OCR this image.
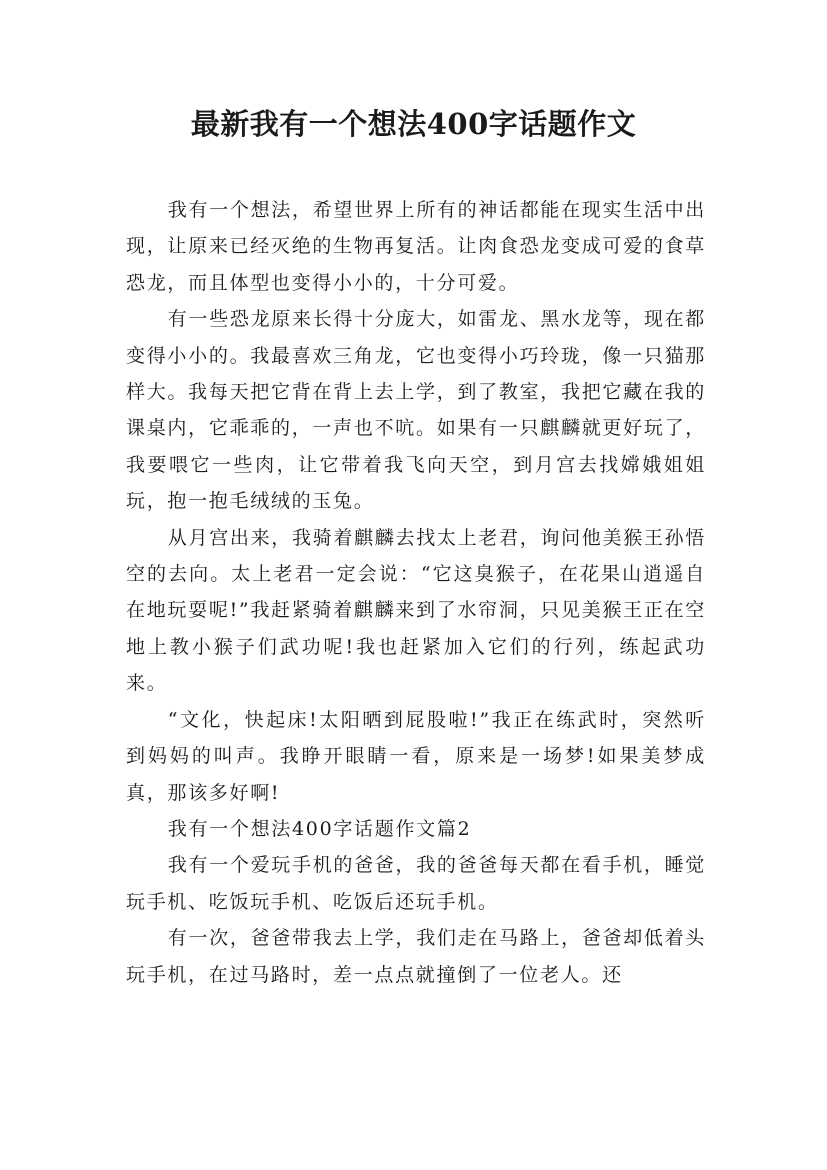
最新我有一个想法400字话题作文

我有一个想法，希望世界上所有的神话都能在现实生活中出现，让原来已经灭绝的生物再复活。让肉食恐龙变成可爱的食草恐龙，而且体型也变得小小的，十分可爱。

有一些恐龙原来长得十分庞大，如雷龙、黑水龙等，现在都变得小小的。我最喜欢三角龙，它也变得小巧玲珑，像一只猫那样大。我每天把它背在背上去上学，到了教室，我把它藏在我的课桌内，它乖乖的，一声也不吭。如果有一只麒麟就更好玩了，我要喂它一些肉，让它带着我飞向天空，到月宫去找嫦娥姐姐玩，抱一抱毛绒绒的玉兔。

从月宫出来，我骑着麒麟去找太上老君，询问他美猴王孙悟空的去向。太上老君一定会说：“它这臭猴子，在花果山逍遥自在地玩耍呢!”我赶紧骑着麒麟来到了水帘洞，只见美猴王正在空地上教小猴子们武功呢!我也赶紧加入它们的行列，练起武功来。

“文化，快起床!太阳晒到屁股啦!”我正在练武时，突然听到妈妈的叫声。我睁开眼睛一看，原来是一场梦!如果美梦成真，那该多好啊!

我有一个想法400字话题作文篇2

我有一个爱玩手机的爸爸，我的爸爸每天都在看手机，睡觉玩手机、吃饭玩手机、吃饭后还玩手机。

有一次，爸爸带我去上学，我们走在马路上，爸爸却低着头玩手机，在过马路时，差一点点就撞倒了一位老人。还
